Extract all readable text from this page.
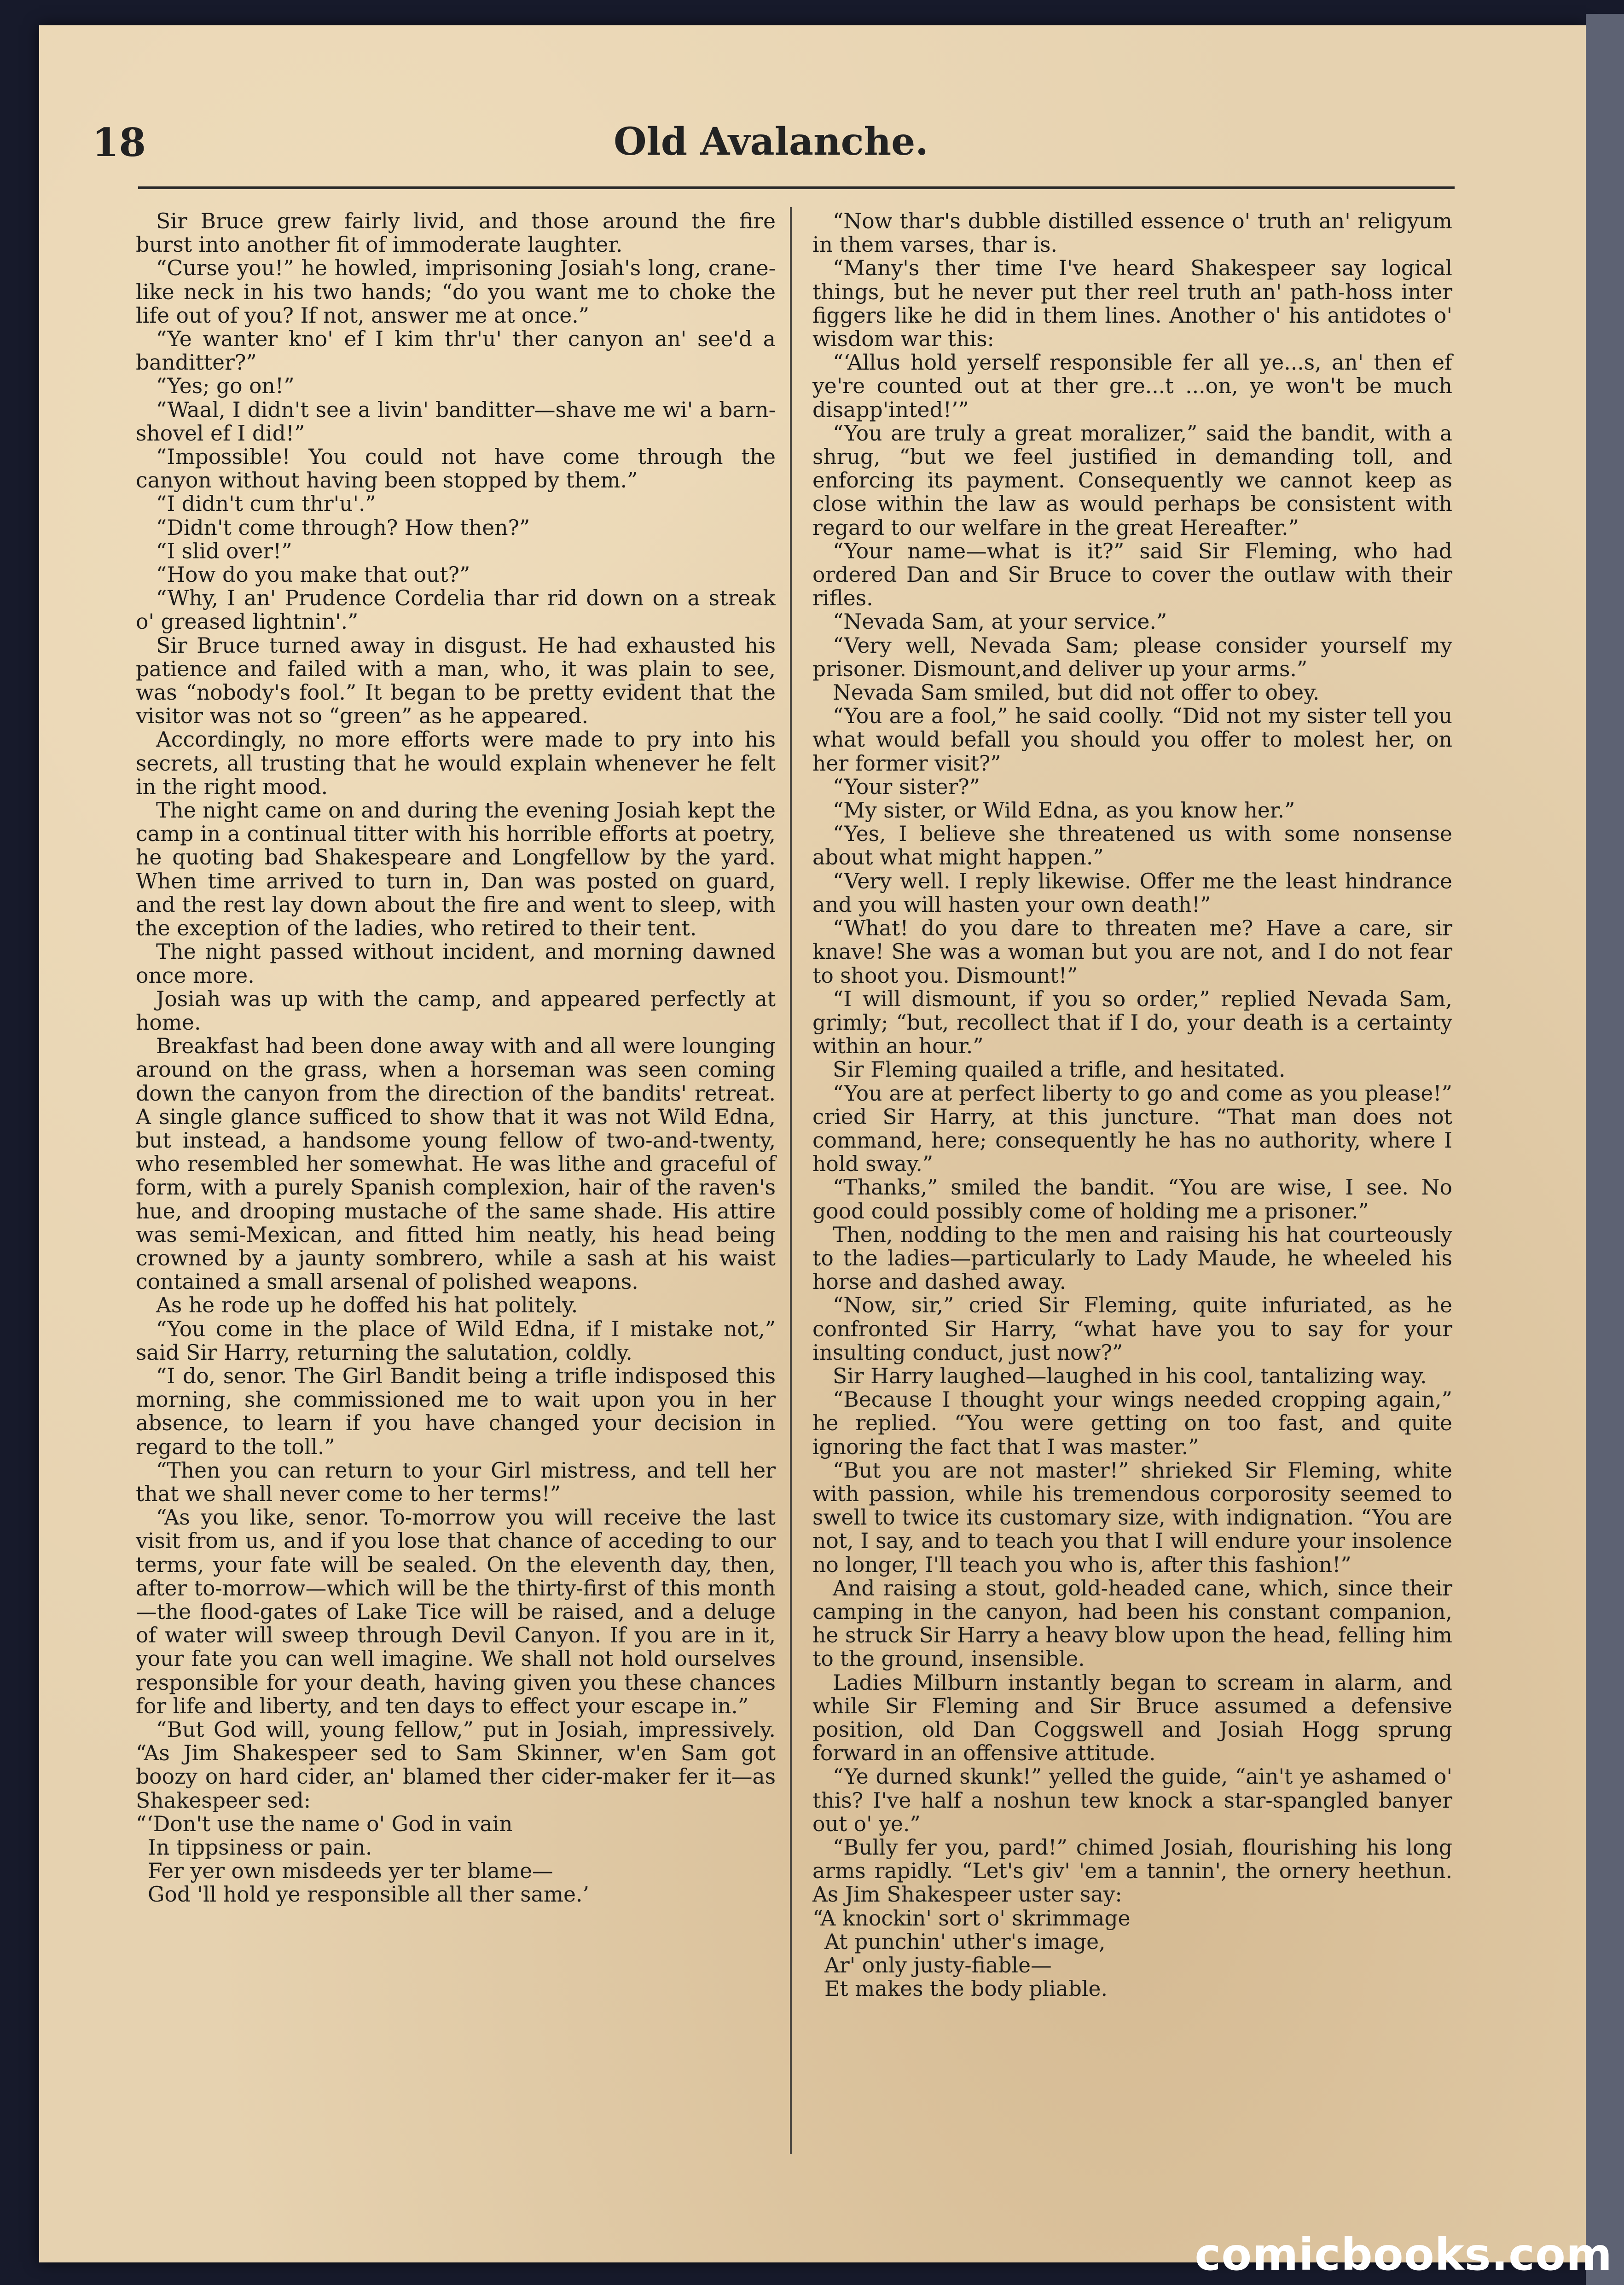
18	Old Avalanche.

Sir Bruce grew fairly livid, and those around the fire burst into another fit of immoderate laughter.

“Curse you!” he howled, imprisoning Josiah's long, crane-like neck in his two hands; “do you want me to choke the life out of you? If not, answer me at once.”

“Ye wanter kno' ef I kim thr'u' ther canyon an' see'd a banditter?”

“Yes; go on!”

“Waal, I didn't see a livin' banditter—shave me wi' a barn-shovel ef I did!”

“Impossible! You could not have come through the canyon without having been stopped by them.”

“I didn't cum thr'u'.”

“Didn't come through? How then?”

“I slid over!”

“How do you make that out?”

“Why, I an' Prudence Cordelia thar rid down on a streak o' greased lightnin'.”

Sir Bruce turned away in disgust. He had exhausted his patience and failed with a man, who, it was plain to see, was “nobody's fool.” It began to be pretty evident that the visitor was not so “green” as he appeared.

Accordingly, no more efforts were made to pry into his secrets, all trusting that he would explain whenever he felt in the right mood.

The night came on and during the evening Josiah kept the camp in a continual titter with his horrible efforts at poetry, he quoting bad Shakespeare and Longfellow by the yard. When time arrived to turn in, Dan was posted on guard, and the rest lay down about the fire and went to sleep, with the exception of the ladies, who retired to their tent.

The night passed without incident, and morning dawned once more.

Josiah was up with the camp, and appeared perfectly at home.

Breakfast had been done away with and all were lounging around on the grass, when a horseman was seen coming down the canyon from the direction of the bandits' retreat. A single glance sufficed to show that it was not Wild Edna, but instead, a handsome young fellow of two-and-twenty, who resembled her somewhat. He was lithe and graceful of form, with a purely Spanish complexion, hair of the raven's hue, and drooping mustache of the same shade. His attire was semi-Mexican, and fitted him neatly, his head being crowned by a jaunty sombrero, while a sash at his waist contained a small arsenal of polished weapons.

As he rode up he doffed his hat politely.

“You come in the place of Wild Edna, if I mistake not,” said Sir Harry, returning the salutation, coldly.

“I do, senor. The Girl Bandit being a trifle indisposed this morning, she commissioned me to wait upon you in her absence, to learn if you have changed your decision in regard to the toll.”

“Then you can return to your Girl mistress, and tell her that we shall never come to her terms!”

“As you like, senor. To-morrow you will receive the last visit from us, and if you lose that chance of acceding to our terms, your fate will be sealed. On the eleventh day, then, after to-morrow—which will be the thirty-first of this month—the flood-gates of Lake Tice will be raised, and a deluge of water will sweep through Devil Canyon. If you are in it, your fate you can well imagine. We shall not hold ourselves responsible for your death, having given you these chances for life and liberty, and ten days to effect your escape in.”

“But God will, young fellow,” put in Josiah, impressively. “As Jim Shakespeer sed to Sam Skinner, w'en Sam got boozy on hard cider, an' blamed ther cider-maker fer it—as Shakespeer sed:

“‘Don't use the name o' God in vain
In tippsiness or pain.
Fer yer own misdeeds yer ter blame—
God 'll hold ye responsible all ther same.’

“Now thar's dubble distilled essence o' truth an' religyum in them varses, thar is.

“Many's ther time I've heard Shakespeer say logical things, but he never put ther reel truth an' path-hoss inter figgers like he did in them lines. Another o' his antidotes o' wisdom war this:

“‘Allus hold yerself responsible fer all ye...s, an' then ef ye're counted out at ther gre...t ...on, ye won't be much disapp'inted!’”

“You are truly a great moralizer,” said the bandit, with a shrug, “but we feel justified in demanding toll, and enforcing its payment. Consequently we cannot keep as close within the law as would perhaps be consistent with regard to our welfare in the great Hereafter.”

“Your name—what is it?” said Sir Fleming, who had ordered Dan and Sir Bruce to cover the outlaw with their rifles.

“Nevada Sam, at your service.”

“Very well, Nevada Sam; please consider yourself my prisoner. Dismount,and deliver up your arms.”

Nevada Sam smiled, but did not offer to obey.

“You are a fool,” he said coolly. “Did not my sister tell you what would befall you should you offer to molest her, on her former visit?”

“Your sister?”

“My sister, or Wild Edna, as you know her.”

“Yes, I believe she threatened us with some nonsense about what might happen.”

“Very well. I reply likewise. Offer me the least hindrance and you will hasten your own death!”

“What! do you dare to threaten me? Have a care, sir knave! She was a woman but you are not, and I do not fear to shoot you. Dismount!”

“I will dismount, if you so order,” replied Nevada Sam, grimly; “but, recollect that if I do, your death is a certainty within an hour.”

Sir Fleming quailed a trifle, and hesitated.

“You are at perfect liberty to go and come as you please!” cried Sir Harry, at this juncture. “That man does not command, here; consequently he has no authority, where I hold sway.”

“Thanks,” smiled the bandit. “You are wise, I see. No good could possibly come of holding me a prisoner.”

Then, nodding to the men and raising his hat courteously to the ladies—particularly to Lady Maude, he wheeled his horse and dashed away.

“Now, sir,” cried Sir Fleming, quite infuriated, as he confronted Sir Harry, “what have you to say for your insulting conduct, just now?”

Sir Harry laughed—laughed in his cool, tantalizing way.

“Because I thought your wings needed cropping again,” he replied. “You were getting on too fast, and quite ignoring the fact that I was master.”

“But you are not master!” shrieked Sir Fleming, white with passion, while his tremendous corporosity seemed to swell to twice its customary size, with indignation. “You are not, I say, and to teach you that I will endure your insolence no longer, I'll teach you who is, after this fashion!”

And raising a stout, gold-headed cane, which, since their camping in the canyon, had been his constant companion, he struck Sir Harry a heavy blow upon the head, felling him to the ground, insensible.

Ladies Milburn instantly began to scream in alarm, and while Sir Fleming and Sir Bruce assumed a defensive position, old Dan Coggswell and Josiah Hogg sprung forward in an offensive attitude.

“Ye durned skunk!” yelled the guide, “ain't ye ashamed o' this? I've half a noshun tew knock a star-spangled banyer out o' ye.”

“Bully fer you, pard!” chimed Josiah, flourishing his long arms rapidly. “Let's giv' 'em a tannin', the ornery heethun. As Jim Shakespeer uster say:

“A knockin' sort o' skrimmage
At punchin' uther's image,
Ar' only justy-fiable—
Et makes the body pliable.

comicbooks.com
